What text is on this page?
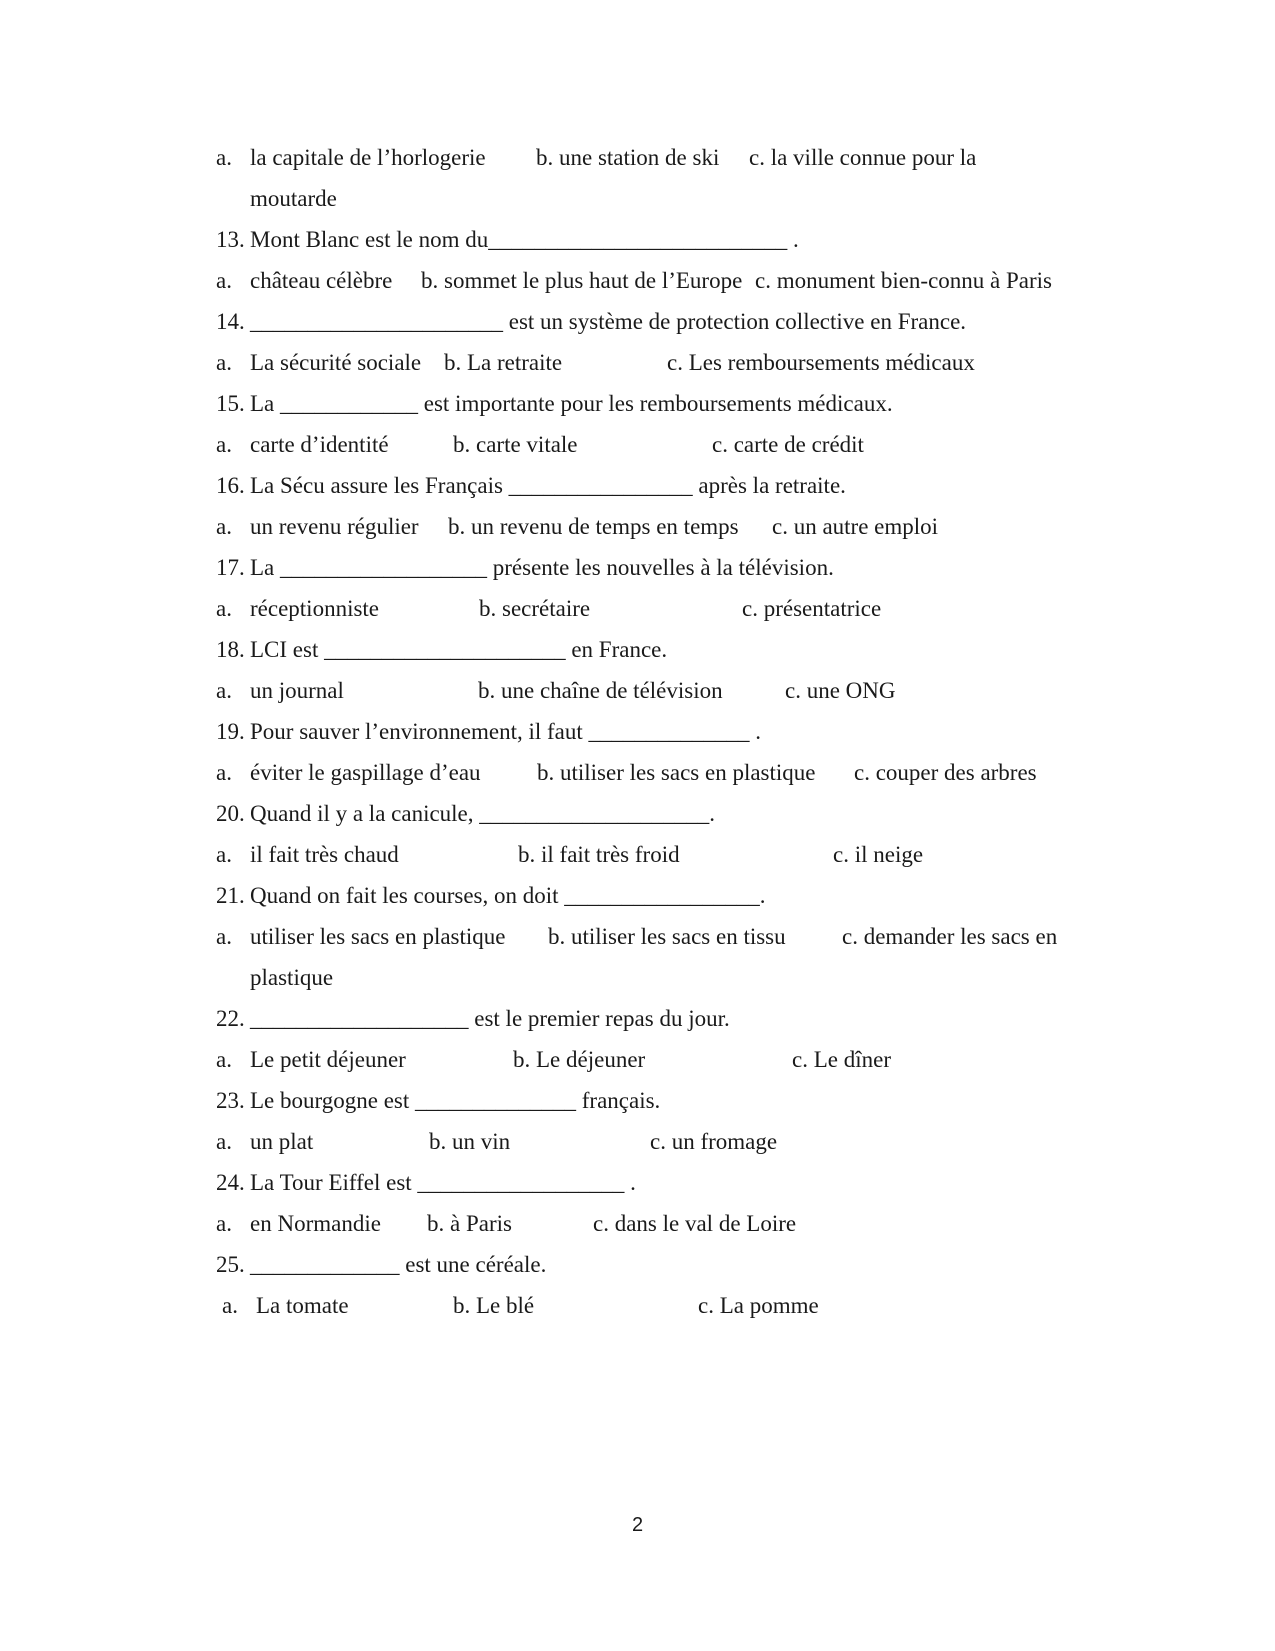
a. la capitale de l’horlogerie b. une station de ski c. la ville connue pour la
moutarde
13. Mont Blanc est le nom du__________________________ .
a. château célèbre b. sommet le plus haut de l’Europe c. monument bien-connu à Paris
14. ______________________ est un système de protection collective en France.
a. La sécurité sociale b. La retraite	c. Les remboursements médicaux
15. La ____________ est importante pour les remboursements médicaux.
a. carte d’identité	b. carte vitale	c. carte de crédit
16. La Sécu assure les Français ________________ après la retraite.
a. un revenu régulier b. un revenu de temps en temps c. un autre emploi
17. La __________________ présente les nouvelles à la télévision.
a. réceptionniste	b. secrétaire	c. présentatrice
18. LCI est _____________________ en France.
a. un journal	b. une chaîne de télévision	c. une ONG
19. Pour sauver l’environnement, il faut ______________ .
a. éviter le gaspillage d’eau b. utiliser les sacs en plastique c. couper des arbres
20. Quand il y a la canicule, ____________________.
a. il fait très chaud	b. il fait très froid	c. il neige
21. Quand on fait les courses, on doit _________________.
a. utiliser les sacs en plastique b. utiliser les sacs en tissu c. demander les sacs en
plastique
22. ___________________ est le premier repas du jour.
a. Le petit déjeuner	b. Le déjeuner	c. Le dîner
23. Le bourgogne est ______________ français.
a. un plat	b. un vin	c. un fromage
24. La Tour Eiffel est __________________ .
a. en Normandie b. à Paris	c. dans le val de Loire
25. _____________ est une céréale.
a. La tomate	b. Le blé	c. La pomme
2
